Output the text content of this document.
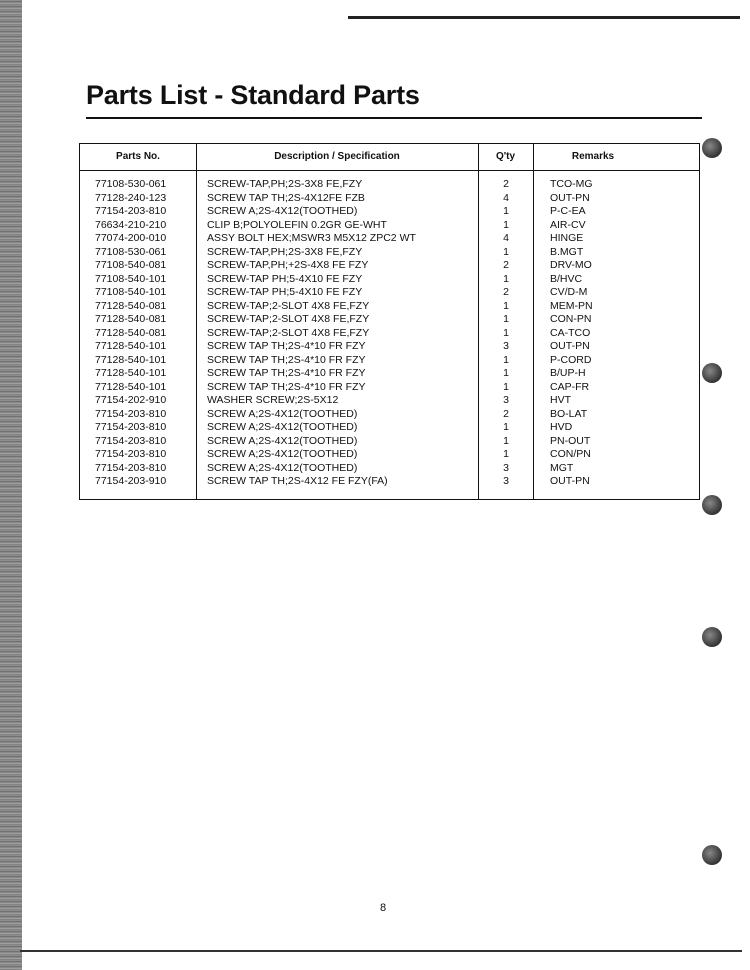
Parts List - Standard Parts
Parts No.	Description / Specification	Q'ty	Remarks
77108-530-061	SCREW-TAP,PH;2S-3X8 FE,FZY	2	TCO-MG
77128-240-123	SCREW TAP TH;2S-4X12FE FZB	4	OUT-PN
77154-203-810	SCREW A;2S-4X12(TOOTHED)	1	P-C-EA
76634-210-210	CLIP B;POLYOLEFIN 0.2GR GE-WHT	1	AIR-CV
77074-200-010	ASSY BOLT HEX;MSWR3 M5X12 ZPC2 WT	4	HINGE
77108-530-061	SCREW-TAP,PH;2S-3X8 FE,FZY	1	B.MGT
77108-540-081	SCREW-TAP,PH;+2S-4X8 FE FZY	2	DRV-MO
77108-540-101	SCREW-TAP PH;5-4X10 FE FZY	1	B/HVC
77108-540-101	SCREW-TAP PH;5-4X10 FE FZY	2	CV/D-M
77128-540-081	SCREW-TAP;2-SLOT 4X8 FE,FZY	1	MEM-PN
77128-540-081	SCREW-TAP;2-SLOT 4X8 FE,FZY	1	CON-PN
77128-540-081	SCREW-TAP;2-SLOT 4X8 FE,FZY	1	CA-TCO
77128-540-101	SCREW TAP TH;2S-4*10 FR FZY	3	OUT-PN
77128-540-101	SCREW TAP TH;2S-4*10 FR FZY	1	P-CORD
77128-540-101	SCREW TAP TH;2S-4*10 FR FZY	1	B/UP-H
77128-540-101	SCREW TAP TH;2S-4*10 FR FZY	1	CAP-FR
77154-202-910	WASHER SCREW;2S-5X12	3	HVT
77154-203-810	SCREW A;2S-4X12(TOOTHED)	2	BO-LAT
77154-203-810	SCREW A;2S-4X12(TOOTHED)	1	HVD
77154-203-810	SCREW A;2S-4X12(TOOTHED)	1	PN-OUT
77154-203-810	SCREW A;2S-4X12(TOOTHED)	1	CON/PN
77154-203-810	SCREW A;2S-4X12(TOOTHED)	3	MGT
77154-203-910	SCREW TAP TH;2S-4X12 FE FZY(FA)	3	OUT-PN
8
